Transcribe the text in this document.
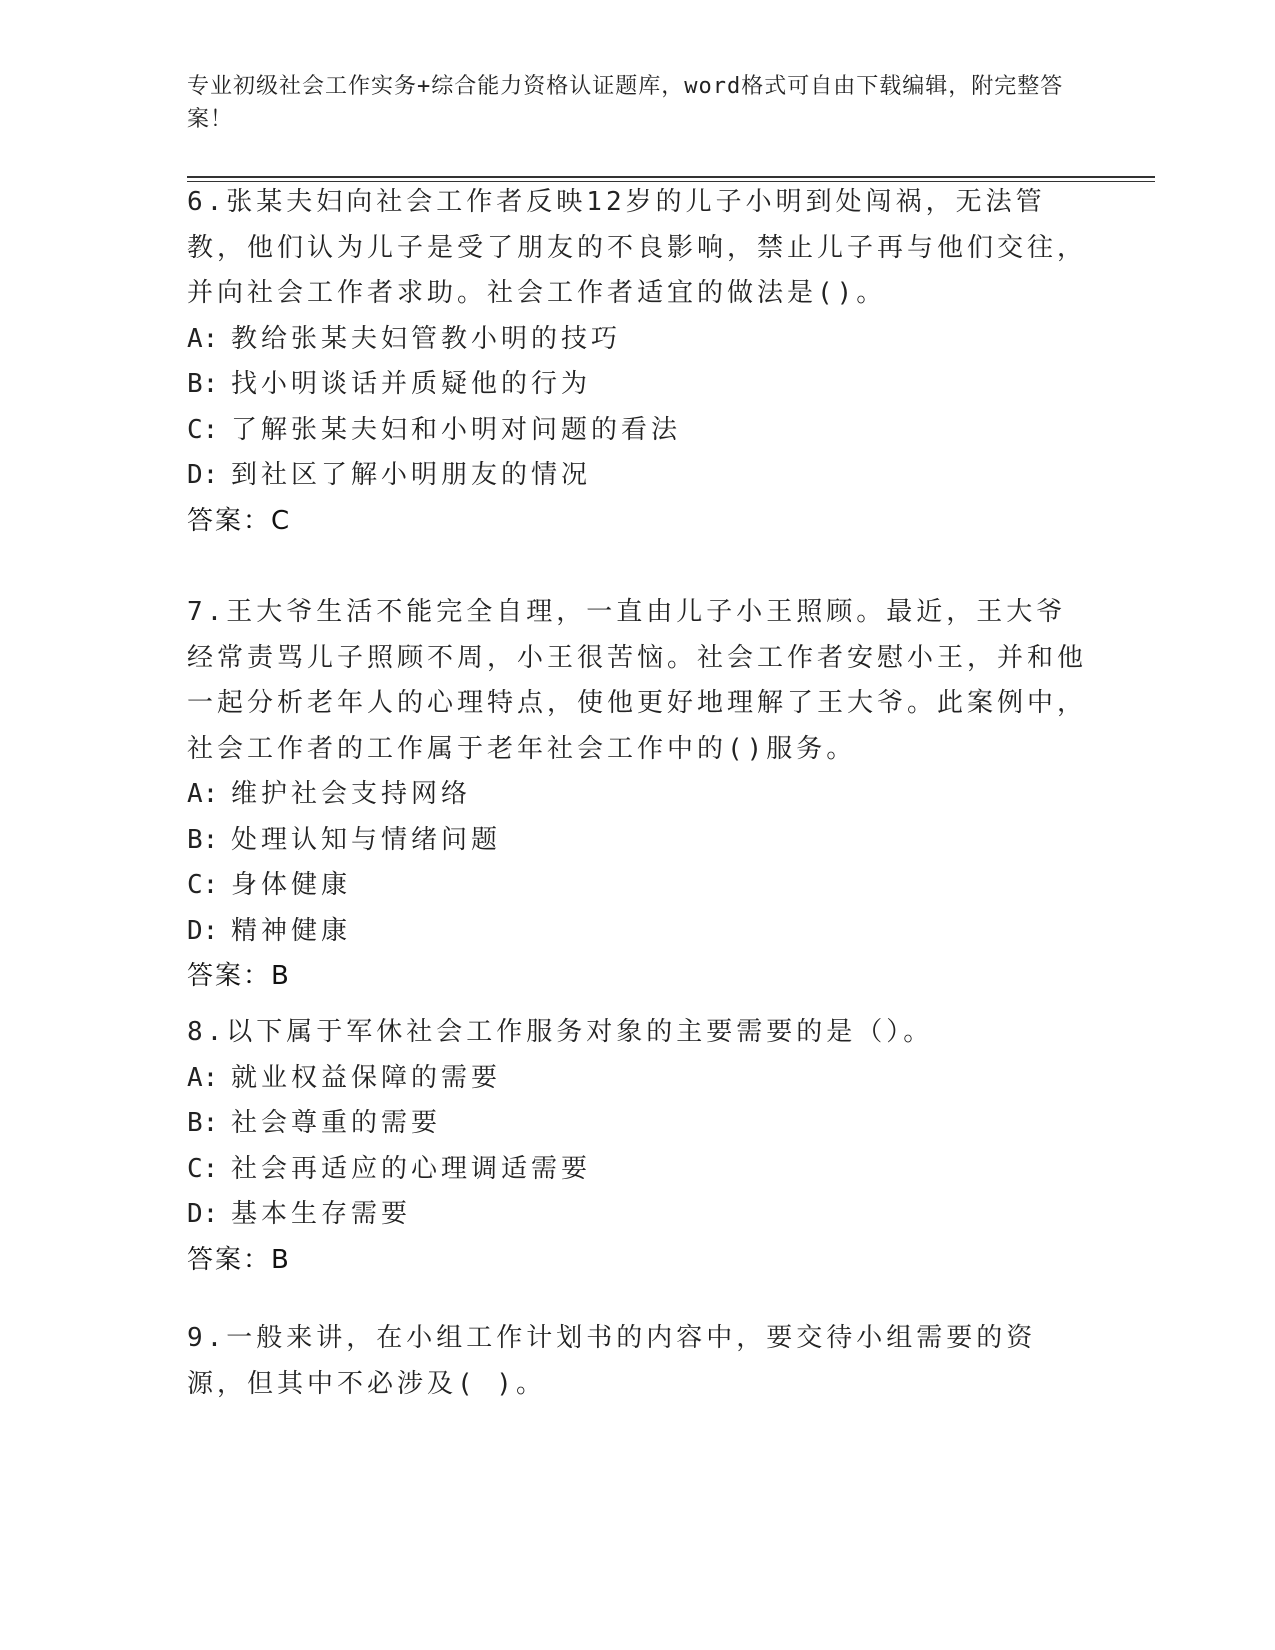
专业初级社会工作实务+综合能力资格认证题库，word格式可自由下载编辑，附完整答案！

6.张某夫妇向社会工作者反映12岁的儿子小明到处闯祸，无法管教，他们认为儿子是受了朋友的不良影响，禁止儿子再与他们交往，并向社会工作者求助。社会工作者适宜的做法是()。

A: 教给张某夫妇管教小明的技巧

B: 找小明谈话并质疑他的行为

C: 了解张某夫妇和小明对问题的看法

D: 到社区了解小明朋友的情况

答案：C

7.王大爷生活不能完全自理，一直由儿子小王照顾。最近，王大爷经常责骂儿子照顾不周，小王很苦恼。社会工作者安慰小王，并和他一起分析老年人的心理特点，使他更好地理解了王大爷。此案例中，社会工作者的工作属于老年社会工作中的()服务。

A: 维护社会支持网络

B: 处理认知与情绪问题

C: 身体健康

D: 精神健康

答案：B

8.以下属于军休社会工作服务对象的主要需要的是（）。

A: 就业权益保障的需要

B: 社会尊重的需要

C: 社会再适应的心理调适需要

D: 基本生存需要

答案：B

9.一般来讲，在小组工作计划书的内容中，要交待小组需要的资源，但其中不必涉及( )。
